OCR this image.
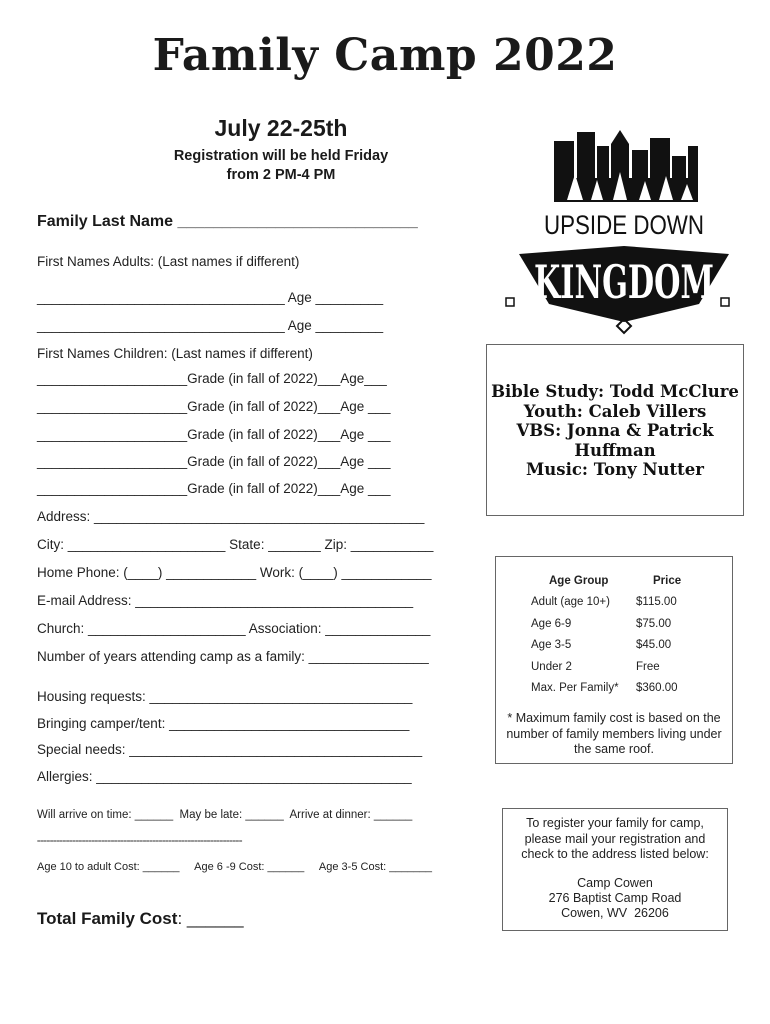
Family Camp 2022
July 22-25th
Registration will be held Friday
from 2 PM-4 PM

UPSIDE DOWN
KINGDOM

Family Last Name ___________________________
First Names Adults: (Last names if different)
_________________________________ Age _________
_________________________________ Age _________
First Names Children: (Last names if different)
____________________Grade (in fall of 2022)___Age___
____________________Grade (in fall of 2022)___Age ___
____________________Grade (in fall of 2022)___Age ___
____________________Grade (in fall of 2022)___Age ___
____________________Grade (in fall of 2022)___Age ___
Address: ____________________________________________
City: _____________________ State: _______ Zip: ___________
Home Phone: (____) ____________ Work: (____) ____________
E-mail Address: _____________________________________
Church: _____________________ Association: ______________
Number of years attending camp as a family: ________________
Housing requests: ___________________________________
Bringing camper/tent: ________________________________
Special needs: _______________________________________
Allergies: __________________________________________
Will arrive on time: ______  May be late: ______  Arrive at dinner: ______
================================================================
Age 10 to adult Cost: ______     Age 6 -9 Cost: ______     Age 3-5 Cost: _______
Total Family Cost: ______
Bible Study: Todd McClure
Youth: Caleb Villers
VBS: Jonna & Patrick Huffman
Music: Tony Nutter
Age Group	Price
Adult (age 10+) $115.00
Age 6-9	$75.00
Age 3-5	$45.00
Under 2	Free
Max. Per Family* $360.00
* Maximum family cost is based on the number of family members living under the same roof.
To register your family for camp, please mail your registration and check to the address listed below:
Camp Cowen
276 Baptist Camp Road
Cowen, WV  26206
